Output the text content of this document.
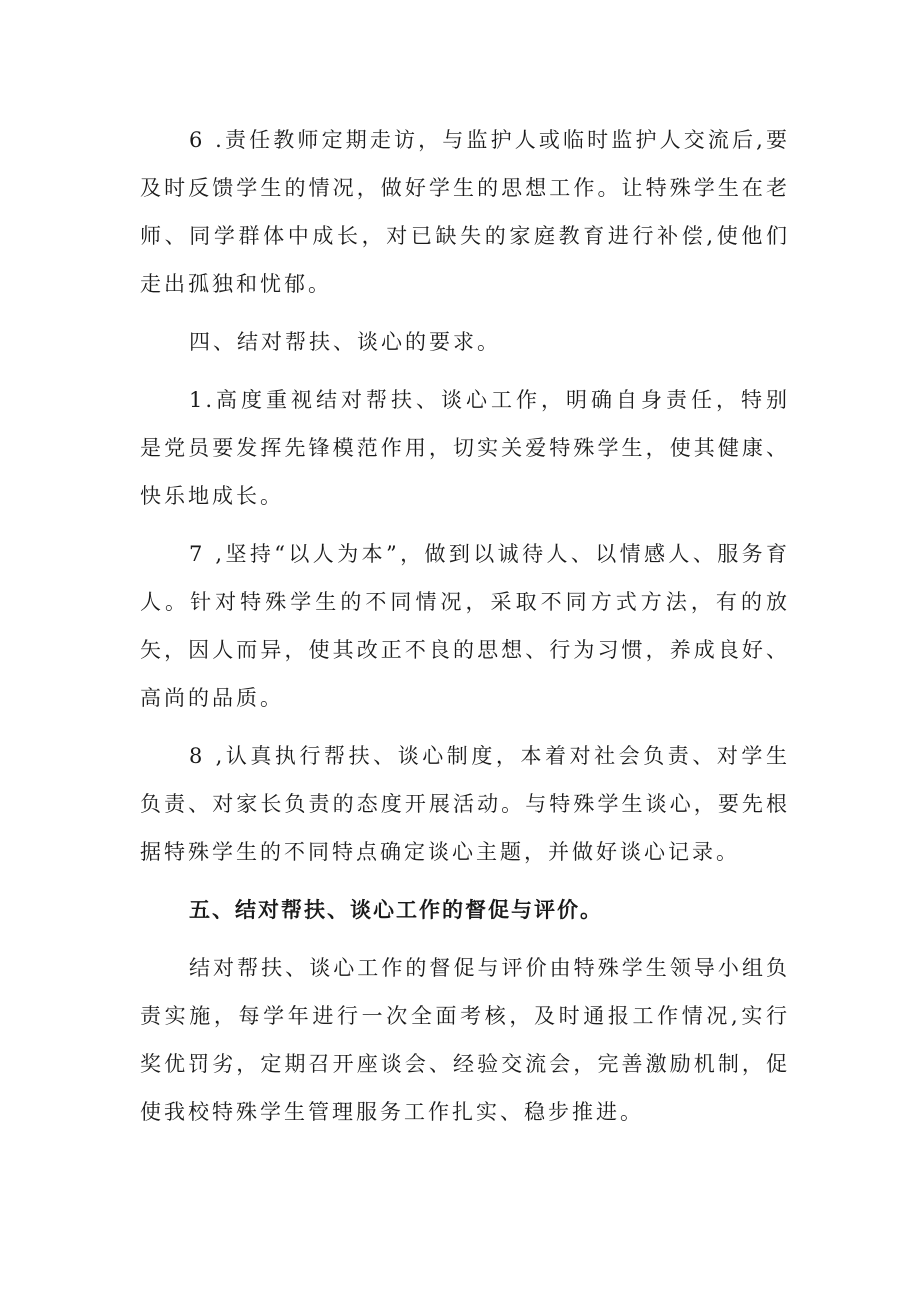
6 .责任教师定期走访，与监护人或临时监护人交流后,要及时反馈学生的情况，做好学生的思想工作。让特殊学生在老师、同学群体中成长，对已缺失的家庭教育进行补偿,使他们走出孤独和忧郁。

四、结对帮扶、谈心的要求。

1.高度重视结对帮扶、谈心工作，明确自身责任，特别是党员要发挥先锋模范作用，切实关爱特殊学生，使其健康、快乐地成长。

7 ,坚持“以人为本”，做到以诚待人、以情感人、服务育人。针对特殊学生的不同情况，采取不同方式方法，有的放矢，因人而异，使其改正不良的思想、行为习惯，养成良好、高尚的品质。

8 ,认真执行帮扶、谈心制度，本着对社会负责、对学生负责、对家长负责的态度开展活动。与特殊学生谈心，要先根据特殊学生的不同特点确定谈心主题，并做好谈心记录。

五、结对帮扶、谈心工作的督促与评价。

结对帮扶、谈心工作的督促与评价由特殊学生领导小组负责实施，每学年进行一次全面考核，及时通报工作情况,实行奖优罚劣，定期召开座谈会、经验交流会，完善激励机制，促使我校特殊学生管理服务工作扎实、稳步推进。
